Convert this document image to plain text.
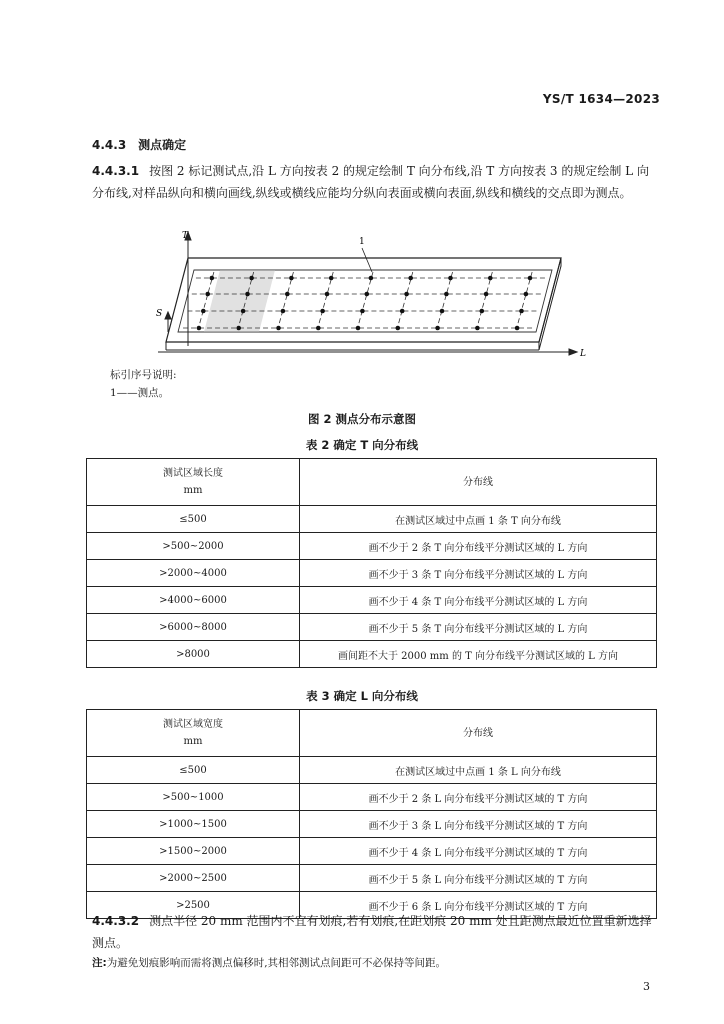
YS/T 1634—2023
4.4.3 测点确定
4.4.3.1 按图 2 标记测试点,沿 L 方向按表 2 的规定绘制 T 向分布线,沿 T 方向按表 3 的规定绘制 L 向分布线,对样品纵向和横向画线,纵线或横线应能均分纵向表面或横向表面,纵线和横线的交点即为测点。
T
S
L
1
标引序号说明:
1——测点。
图 2 测点分布示意图
表 2 确定 T 向分布线
测试区域长度
mm	分布线
≤500	在测试区域过中点画 1 条 T 向分布线
>500~2000	画不少于 2 条 T 向分布线平分测试区域的 L 方向
>2000~4000	画不少于 3 条 T 向分布线平分测试区域的 L 方向
>4000~6000	画不少于 4 条 T 向分布线平分测试区域的 L 方向
>6000~8000	画不少于 5 条 T 向分布线平分测试区域的 L 方向
>8000	画间距不大于 2000 mm 的 T 向分布线平分测试区域的 L 方向
表 3 确定 L 向分布线
测试区域宽度
mm	分布线
≤500	在测试区域过中点画 1 条 L 向分布线
>500~1000	画不少于 2 条 L 向分布线平分测试区域的 T 方向
>1000~1500	画不少于 3 条 L 向分布线平分测试区域的 T 方向
>1500~2000	画不少于 4 条 L 向分布线平分测试区域的 T 方向
>2000~2500	画不少于 5 条 L 向分布线平分测试区域的 T 方向
>2500	画不少于 6 条 L 向分布线平分测试区域的 T 方向
4.4.3.2 测点半径 20 mm 范围内不宜有划痕,若有划痕,在距划痕 20 mm 处且距测点最近位置重新选择测点。
注:为避免划痕影响而需将测点偏移时,其相邻测试点间距可不必保持等间距。
3
